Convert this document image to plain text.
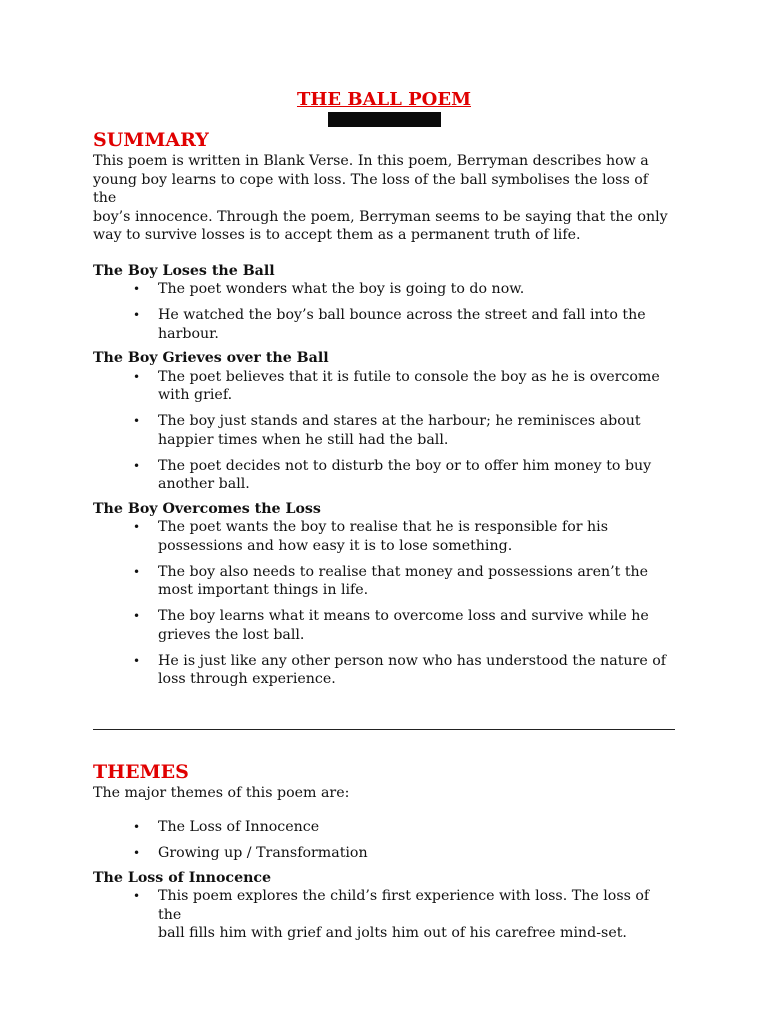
THE BALL POEM
SUMMARY

This poem is written in Blank Verse. In this poem, Berryman describes how a
young boy learns to cope with loss. The loss of the ball symbolises the loss of the
boy’s innocence. Through the poem, Berryman seems to be saying that the only
way to survive losses is to accept them as a permanent truth of life.

The Boy Loses the Ball

• The poet wonders what the boy is going to do now.
• He watched the boy’s ball bounce across the street and fall into the
harbour.

The Boy Grieves over the Ball

• The poet believes that it is futile to console the boy as he is overcome
with grief.
• The boy just stands and stares at the harbour; he reminisces about
happier times when he still had the ball.
• The poet decides not to disturb the boy or to offer him money to buy
another ball.

The Boy Overcomes the Loss

• The poet wants the boy to realise that he is responsible for his
possessions and how easy it is to lose something.
• The boy also needs to realise that money and possessions aren’t the
most important things in life.
• The boy learns what it means to overcome loss and survive while he
grieves the lost ball.
• He is just like any other person now who has understood the nature of
loss through experience.
THEMES

The major themes of this poem are:

• The Loss of Innocence
• Growing up / Transformation

The Loss of Innocence

• This poem explores the child’s first experience with loss. The loss of the
ball fills him with grief and jolts him out of his carefree mind-set.
